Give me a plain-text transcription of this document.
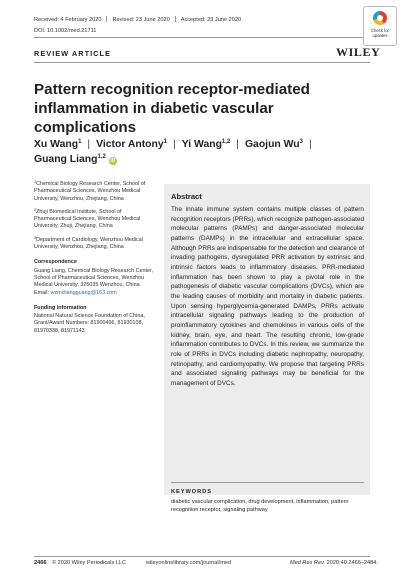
Received: 4 February 2020 Revised: 23 June 2020 Accepted: 29 June 2020
DOI: 10.1002/med.21711	Check for updates
REVIEW ARTICLE	WILEY
Pattern recognition receptor-mediated inflammation in diabetic vascular complications
Xu Wang$^1$ | Victor Antony$^1$ | Yi Wang$^{1,2}$ | Gaojun Wu$^3$ |
Guang Liang$^{1,2}$iD

$^1$Chemical Biology Research Center, School of Pharmaceutical Sciences, Wenzhou Medical University, Wenzhou, Zhejiang, China

$^2$Zhuji Biomedical Institute, School of Pharmaceutical Sciences, Wenzhou Medical University, Zhuji, Zhejiang, China

$^3$Department of Cardiology, Wenzhou Medical University, Wenzhou, Zhejiang, China

Correspondence

Guang Liang, Chemical Biology Research Center, School of Pharmaceutical Sciences, Wenzhou Medical University, 325035 Wenzhou, China.
Email: wzmcliangguang@163.com

Funding information

National Natural Science Foundation of China, Grant/Award Numbers: 81900496, 81930108, 81970338, 81971143

Abstract
The innate immune system contains multiple classes of pattern recognition receptors (PRRs), which recognize pathogen-associated molecular patterns (PAMPs) and danger-associated molecular patterns (DAMPs) in the intracellular and extracellular space. Although PRRs are indispensable for the detection and clearance of invading pathogens, dysregulated PRR activation by extrinsic and intrinsic factors leads to inflammatory diseases. PRR-mediated inflammation has been shown to play a pivotal role in the pathogenesis of diabetic vascular complications (DVCs), which are the leading causes of morbidity and mortality in diabetic patients. Upon sensing hyperglycemia-generated DAMPs, PRRs activate intracellular signaling pathways leading to the production of proinflammatory cytokines and chemokines in various cells of the kidney, brain, eye, and heart. The resulting chronic, low-grade inflammation contributes to DVCs. In this review, we summarize the role of PRRs in DVCs including diabetic nephropathy, neuropathy, retinopathy, and cardiomyopathy. We propose that targeting PRRs and associated signaling pathways may be beneficial for the management of DVCs.
KEYWORDS
diabetic vascular complication, drug development, inflammation, pattern recognition receptor, signaling pathway
2466 © 2020 Wiley Periodicals LLC	wileyonlinelibrary.com/journal/med	Med Res Rev. 2020;40:2466–2484.
